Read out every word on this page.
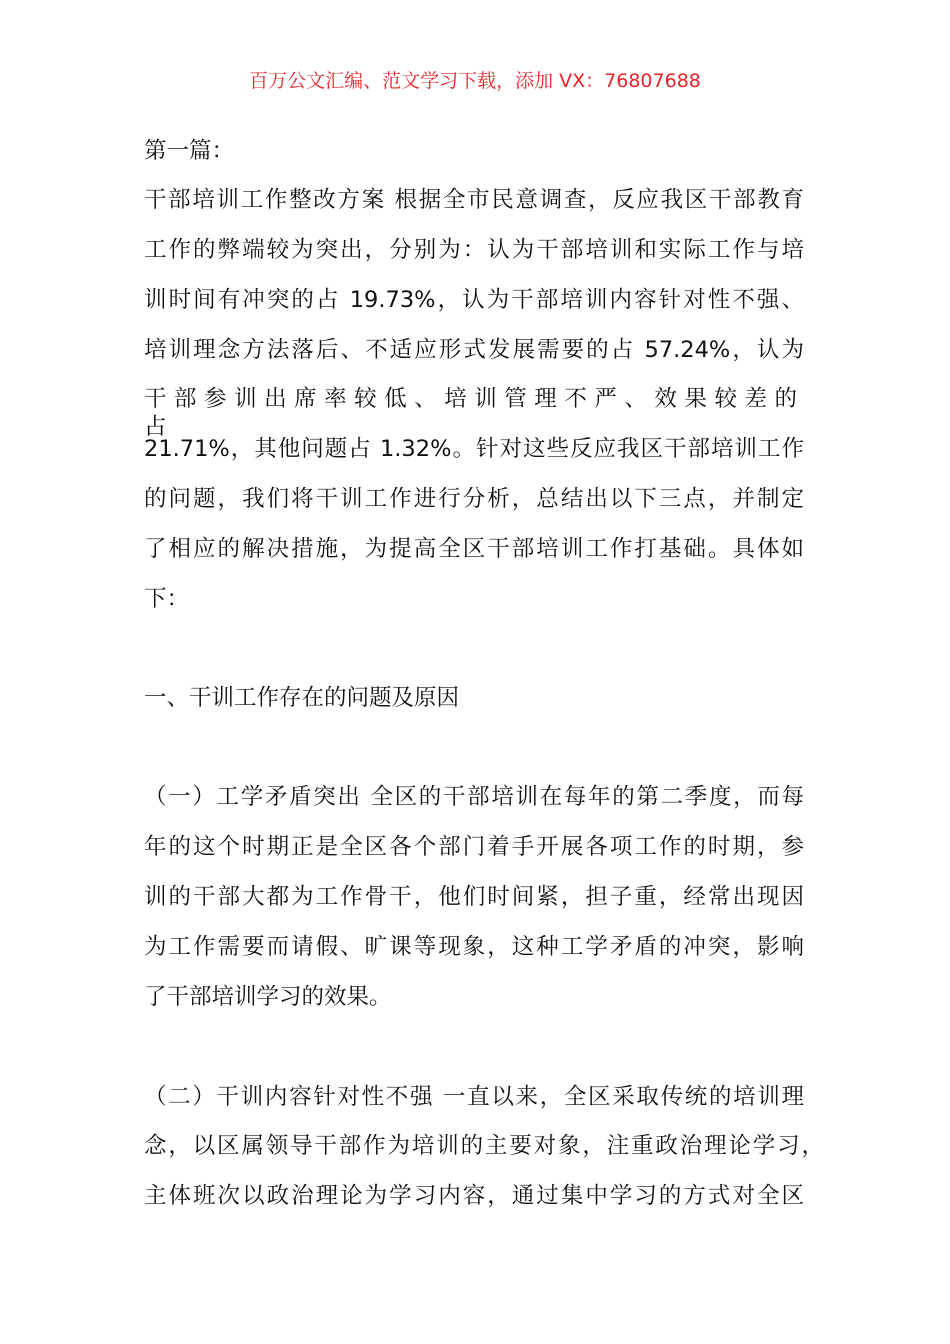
百万公文汇编、范文学习下载，添加 VX：76807688
第一篇：
干部培训工作整改方案 根据全市民意调查，反应我区干部教育
工作的弊端较为突出，分别为：认为干部培训和实际工作与培
训时间有冲突的占 19.73%，认为干部培训内容针对性不强、
培训理念方法落后、不适应形式发展需要的占 57.24%，认为
干部参训出席率较低、培训管理不严、效果较差的占
21.71%，其他问题占 1.32%。针对这些反应我区干部培训工作
的问题，我们将干训工作进行分析，总结出以下三点，并制定
了相应的解决措施，为提高全区干部培训工作打基础。具体如
下：
一、干训工作存在的问题及原因
（一）工学矛盾突出 全区的干部培训在每年的第二季度，而每
年的这个时期正是全区各个部门着手开展各项工作的时期，参
训的干部大都为工作骨干，他们时间紧，担子重，经常出现因
为工作需要而请假、旷课等现象，这种工学矛盾的冲突，影响
了干部培训学习的效果。
（二）干训内容针对性不强 一直以来，全区采取传统的培训理
念，以区属领导干部作为培训的主要对象，注重政治理论学习，
主体班次以政治理论为学习内容，通过集中学习的方式对全区
